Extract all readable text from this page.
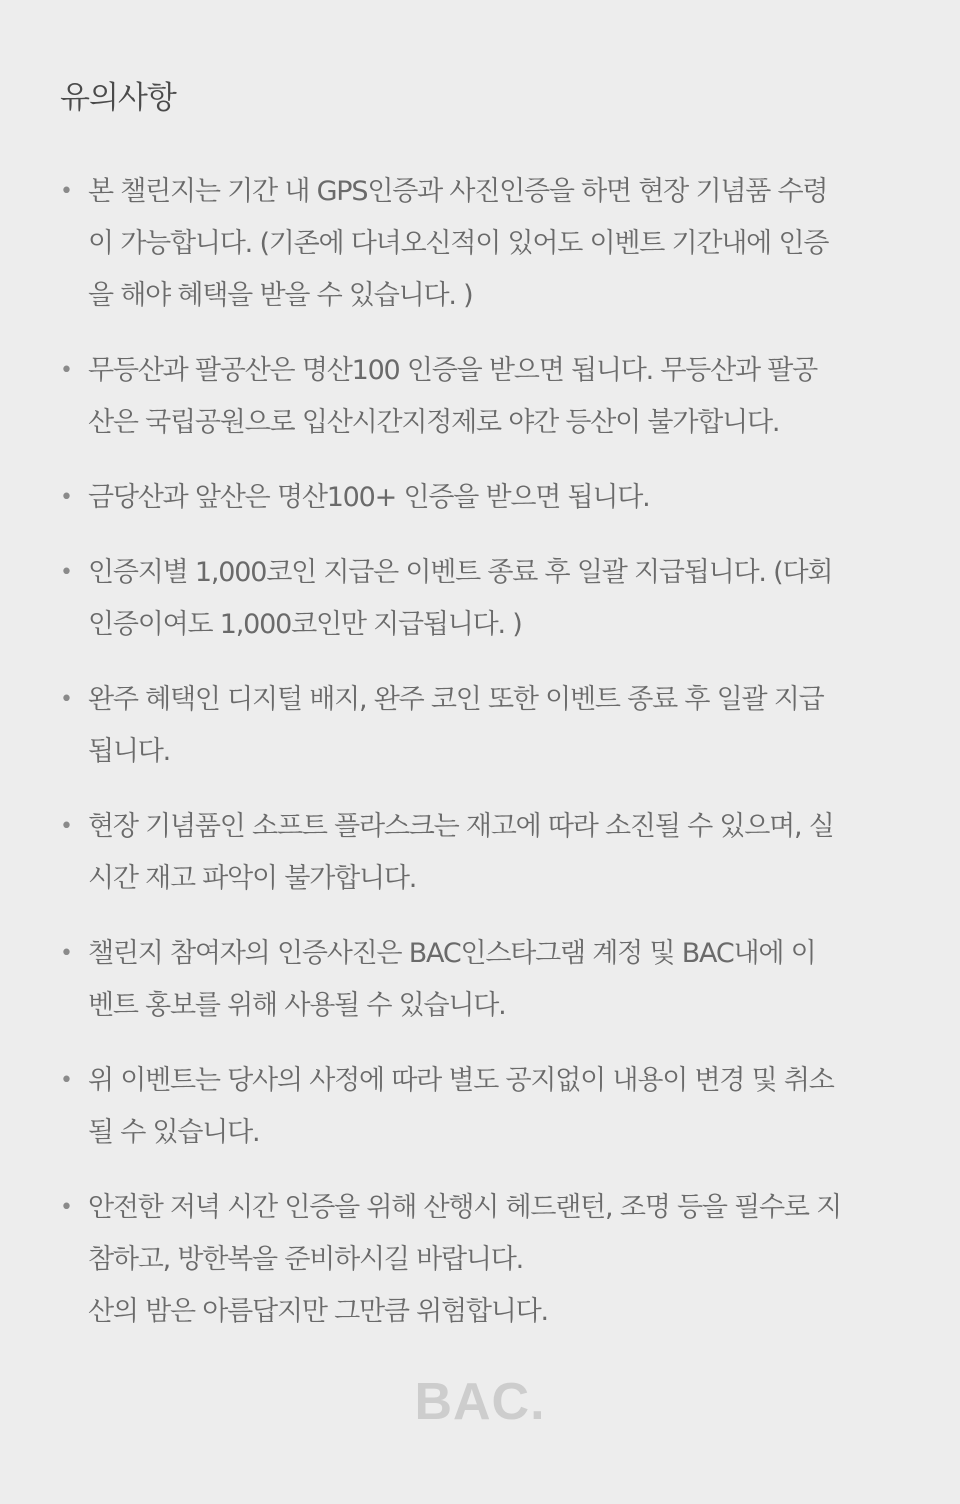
유의사항
• 본 챌린지는 기간 내 GPS인증과 사진인증을 하면 현장 기념품 수령
이 가능합니다. (기존에 다녀오신적이 있어도 이벤트 기간내에 인증
을 해야 혜택을 받을 수 있습니다. )
• 무등산과 팔공산은 명산100 인증을 받으면 됩니다. 무등산과 팔공
산은 국립공원으로 입산시간지정제로 야간 등산이 불가합니다.
• 금당산과 앞산은 명산100+ 인증을 받으면 됩니다.
• 인증지별 1,000코인 지급은 이벤트 종료 후 일괄 지급됩니다. (다회
인증이여도 1,000코인만 지급됩니다. )
• 완주 혜택인 디지털 배지, 완주 코인 또한 이벤트 종료 후 일괄 지급
됩니다.
• 현장 기념품인 소프트 플라스크는 재고에 따라 소진될 수 있으며, 실
시간 재고 파악이 불가합니다.
• 챌린지 참여자의 인증사진은 BAC인스타그램 계정 및 BAC내에 이
벤트 홍보를 위해 사용될 수 있습니다.
• 위 이벤트는 당사의 사정에 따라 별도 공지없이 내용이 변경 및 취소
될 수 있습니다.
• 안전한 저녁 시간 인증을 위해 산행시 헤드랜턴, 조명 등을 필수로 지
참하고, 방한복을 준비하시길 바랍니다.
산의 밤은 아름답지만 그만큼 위험합니다.
BAC.
